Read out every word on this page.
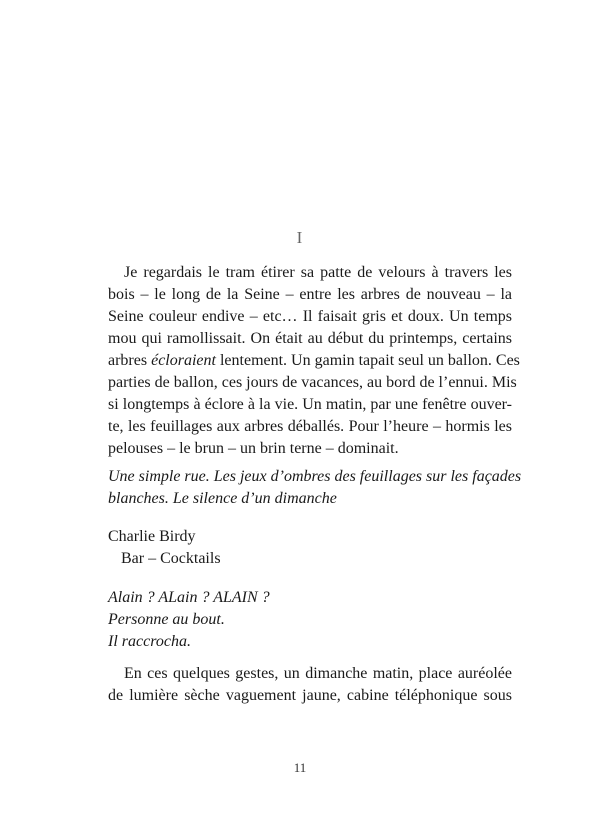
I
Je regardais le tram étirer sa patte de velours à travers les
bois – le long de la Seine – entre les arbres de nouveau – la
Seine couleur endive – etc… Il faisait gris et doux. Un temps
mou qui ramollissait. On était au début du printemps, certains
arbres écloraient lentement. Un gamin tapait seul un ballon. Ces
parties de ballon, ces jours de vacances, au bord de l’ennui. Mis
si longtemps à éclore à la vie. Un matin, par une fenêtre ouver-
te, les feuillages aux arbres déballés. Pour l’heure – hormis les
pelouses – le brun – un brin terne – dominait.
Une simple rue. Les jeux d’ombres des feuillages sur les façades
blanches. Le silence d’un dimanche
Charlie Birdy
Bar – Cocktails
Alain ? ALain ? ALAIN ?
Personne au bout.
Il raccrocha.
En ces quelques gestes, un dimanche matin, place auréolée
de lumière sèche vaguement jaune, cabine téléphonique sous
11
